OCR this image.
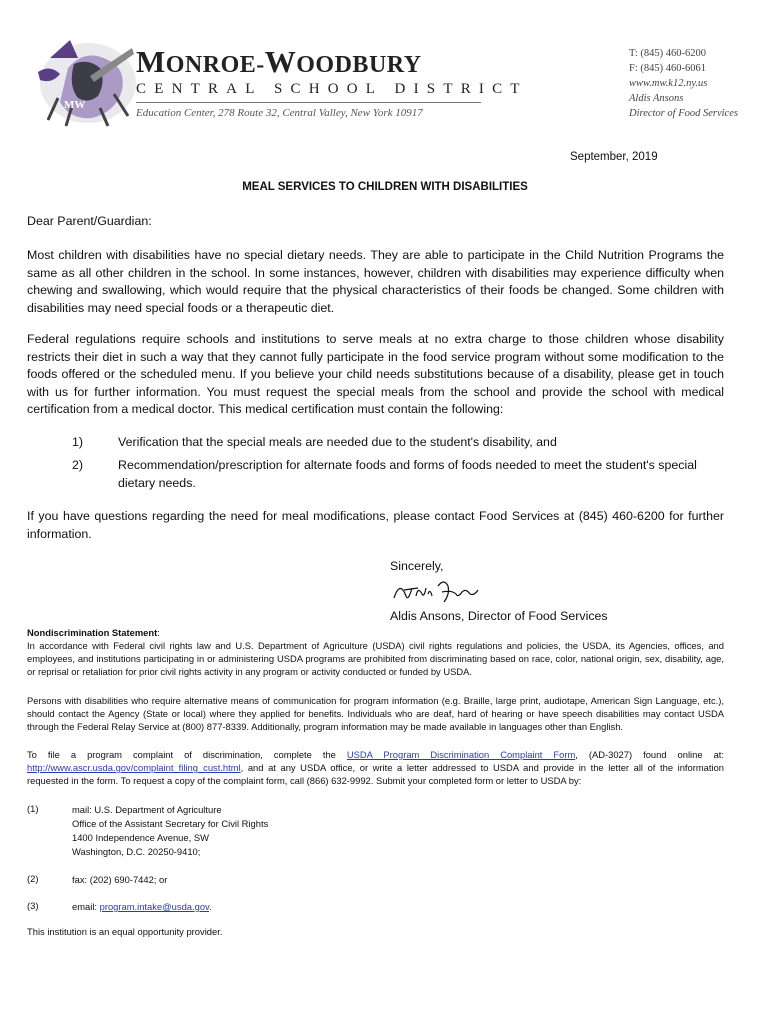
MW
MONROE-WOODBURY
CENTRAL SCHOOL DISTRICT
Education Center, 278 Route 32, Central Valley, New York 10917
T: (845) 460-6200
F: (845) 460-6061
www.mw.k12.ny.us
Aldis Ansons
Director of Food Services
September, 2019
MEAL SERVICES TO CHILDREN WITH DISABILITIES

Dear Parent/Guardian:

Most children with disabilities have no special dietary needs. They are able to participate in the Child Nutrition Programs the same as all other children in the school. In some instances, however, children with disabilities may experience difficulty when chewing and swallowing, which would require that the physical characteristics of their foods be changed. Some children with disabilities may need special foods or a therapeutic diet.

Federal regulations require schools and institutions to serve meals at no extra charge to those children whose disability restricts their diet in such a way that they cannot fully participate in the food service program without some modification to the foods offered or the scheduled menu. If you believe your child needs substitutions because of a disability, please get in touch with us for further information. You must request the special meals from the school and provide the school with medical certification from a medical doctor. This medical certification must contain the following:

1)	Verification that the special meals are needed due to the student's disability, and
2)	Recommendation/prescription for alternate foods and forms of foods needed to meet the student's special dietary needs.

If you have questions regarding the need for meal modifications, please contact Food Services at (845) 460-6200 for further information.

Sincerely,
Aldis Ansons, Director of Food Services

Nondiscrimination Statement:

In accordance with Federal civil rights law and U.S. Department of Agriculture (USDA) civil rights regulations and policies, the USDA, its Agencies, offices, and employees, and institutions participating in or administering USDA programs are prohibited from discriminating based on race, color, national origin, sex, disability, age, or reprisal or retaliation for prior civil rights activity in any program or activity conducted or funded by USDA.

Persons with disabilities who require alternative means of communication for program information (e.g. Braille, large print, audiotape, American Sign Language, etc.), should contact the Agency (State or local) where they applied for benefits. Individuals who are deaf, hard of hearing or have speech disabilities may contact USDA through the Federal Relay Service at (800) 877-8339. Additionally, program information may be made available in languages other than English.

To file a program complaint of discrimination, complete the USDA Program Discrimination Complaint Form, (AD-3027) found online at: http://www.ascr.usda.gov/complaint_filing_cust.html, and at any USDA office, or write a letter addressed to USDA and provide in the letter all of the information requested in the form. To request a copy of the complaint form, call (866) 632-9992. Submit your completed form or letter to USDA by:

(1)	mail: U.S. Department of Agriculture
Office of the Assistant Secretary for Civil Rights
1400 Independence Avenue, SW
Washington, D.C. 20250-9410;
(2)	fax: (202) 690-7442; or
(3)	email: program.intake@usda.gov.
This institution is an equal opportunity provider.
